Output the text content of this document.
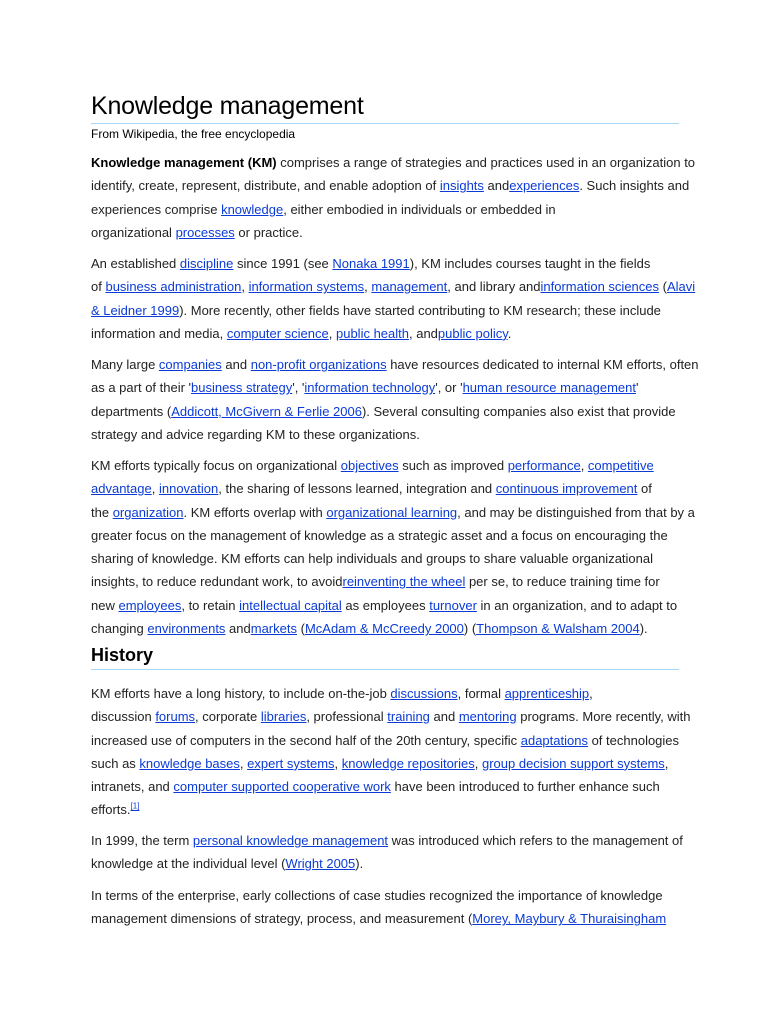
Knowledge management
From Wikipedia, the free encyclopedia
Knowledge management (KM) comprises a range of strategies and practices used in an organization to
identify, create, represent, distribute, and enable adoption of insights andexperiences. Such insights and
experiences comprise knowledge, either embodied in individuals or embedded in
organizational processes or practice.
An established discipline since 1991 (see Nonaka 1991), KM includes courses taught in the fields
of business administration, information systems, management, and library andinformation sciences (Alavi
& Leidner 1999). More recently, other fields have started contributing to KM research; these include
information and media, computer science, public health, andpublic policy.
Many large companies and non-profit organizations have resources dedicated to internal KM efforts, often
as a part of their 'business strategy', 'information technology', or 'human resource management'
departments (Addicott, McGivern & Ferlie 2006). Several consulting companies also exist that provide
strategy and advice regarding KM to these organizations.
KM efforts typically focus on organizational objectives such as improved performance, competitive
advantage, innovation, the sharing of lessons learned, integration and continuous improvement of
the organization. KM efforts overlap with organizational learning, and may be distinguished from that by a
greater focus on the management of knowledge as a strategic asset and a focus on encouraging the
sharing of knowledge. KM efforts can help individuals and groups to share valuable organizational
insights, to reduce redundant work, to avoidreinventing the wheel per se, to reduce training time for
new employees, to retain intellectual capital as employees turnover in an organization, and to adapt to
changing environments andmarkets (McAdam & McCreedy 2000) (Thompson & Walsham 2004).
History
KM efforts have a long history, to include on-the-job discussions, formal apprenticeship,
discussion forums, corporate libraries, professional training and mentoring programs. More recently, with
increased use of computers in the second half of the 20th century, specific adaptations of technologies
such as knowledge bases, expert systems, knowledge repositories, group decision support systems,
intranets, and computer supported cooperative work have been introduced to further enhance such
efforts.[1]
In 1999, the term personal knowledge management was introduced which refers to the management of
knowledge at the individual level (Wright 2005).
In terms of the enterprise, early collections of case studies recognized the importance of knowledge
management dimensions of strategy, process, and measurement (Morey, Maybury & Thuraisingham
